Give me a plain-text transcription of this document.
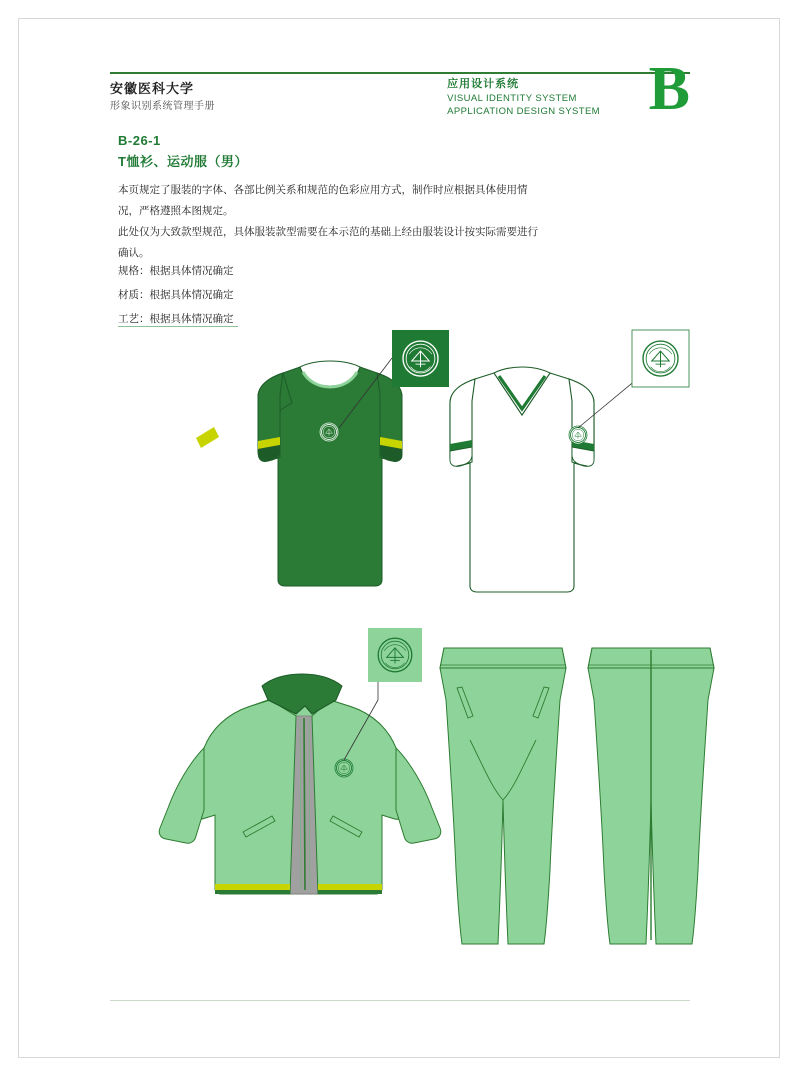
安徽医科大学
形象识别系统管理手册
应用设计系统
VISUAL IDENTITY SYSTEM
APPLICATION DESIGN SYSTEM B
B-26-1
T恤衫、运动服（男）

本页规定了服装的字体、各部比例关系和规范的色彩应用方式，制作时应根据具体使用情况，严格遵照本图规定。

此处仅为大致款型规范，具体服装款型需要在本示范的基础上经由服装设计按实际需要进行确认。

规格：根据具体情况确定
材质：根据具体情况确定
工艺：根据具体情况确定
